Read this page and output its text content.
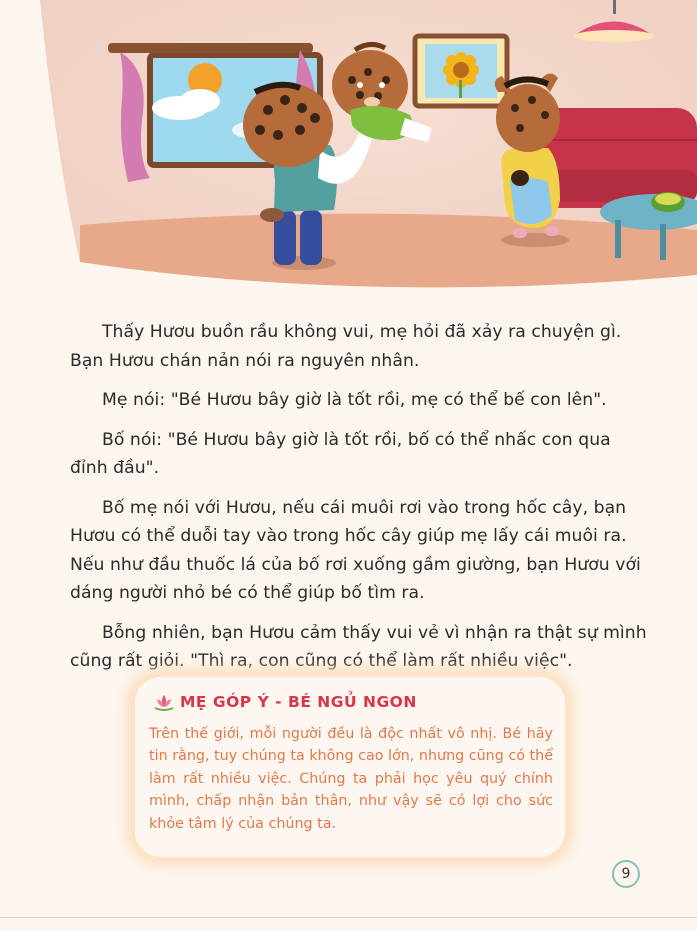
Thấy Hươu buồn rầu không vui, mẹ hỏi đã xảy ra chuyện gì. Bạn Hươu chán nản nói ra nguyên nhân.

Mẹ nói: "Bé Hươu bây giờ là tốt rồi, mẹ có thể bế con lên".

Bố nói: "Bé Hươu bây giờ là tốt rồi, bố có thể nhấc con qua đỉnh đầu".

Bố mẹ nói với Hươu, nếu cái muôi rơi vào trong hốc cây, bạn Hươu có thể duỗi tay vào trong hốc cây giúp mẹ lấy cái muôi ra. Nếu như đầu thuốc lá của bố rơi xuống gầm giường, bạn Hươu với dáng người nhỏ bé có thể giúp bố tìm ra.

Bỗng nhiên, bạn Hươu cảm thấy vui vẻ vì nhận ra thật sự mình cũng rất giỏi. "Thì ra, con cũng có thể làm rất nhiều việc".

MẸ GÓP Ý - BÉ NGỦ NGON
Trên thế giới, mỗi người đều là độc nhất vô nhị. Bé hãy tin rằng, tuy chúng ta không cao lớn, nhưng cũng có thể làm rất nhiều việc. Chúng ta phải học yêu quý chính mình, chấp nhận bản thân, như vậy sẽ có lợi cho sức khỏe tâm lý của chúng ta.
9
